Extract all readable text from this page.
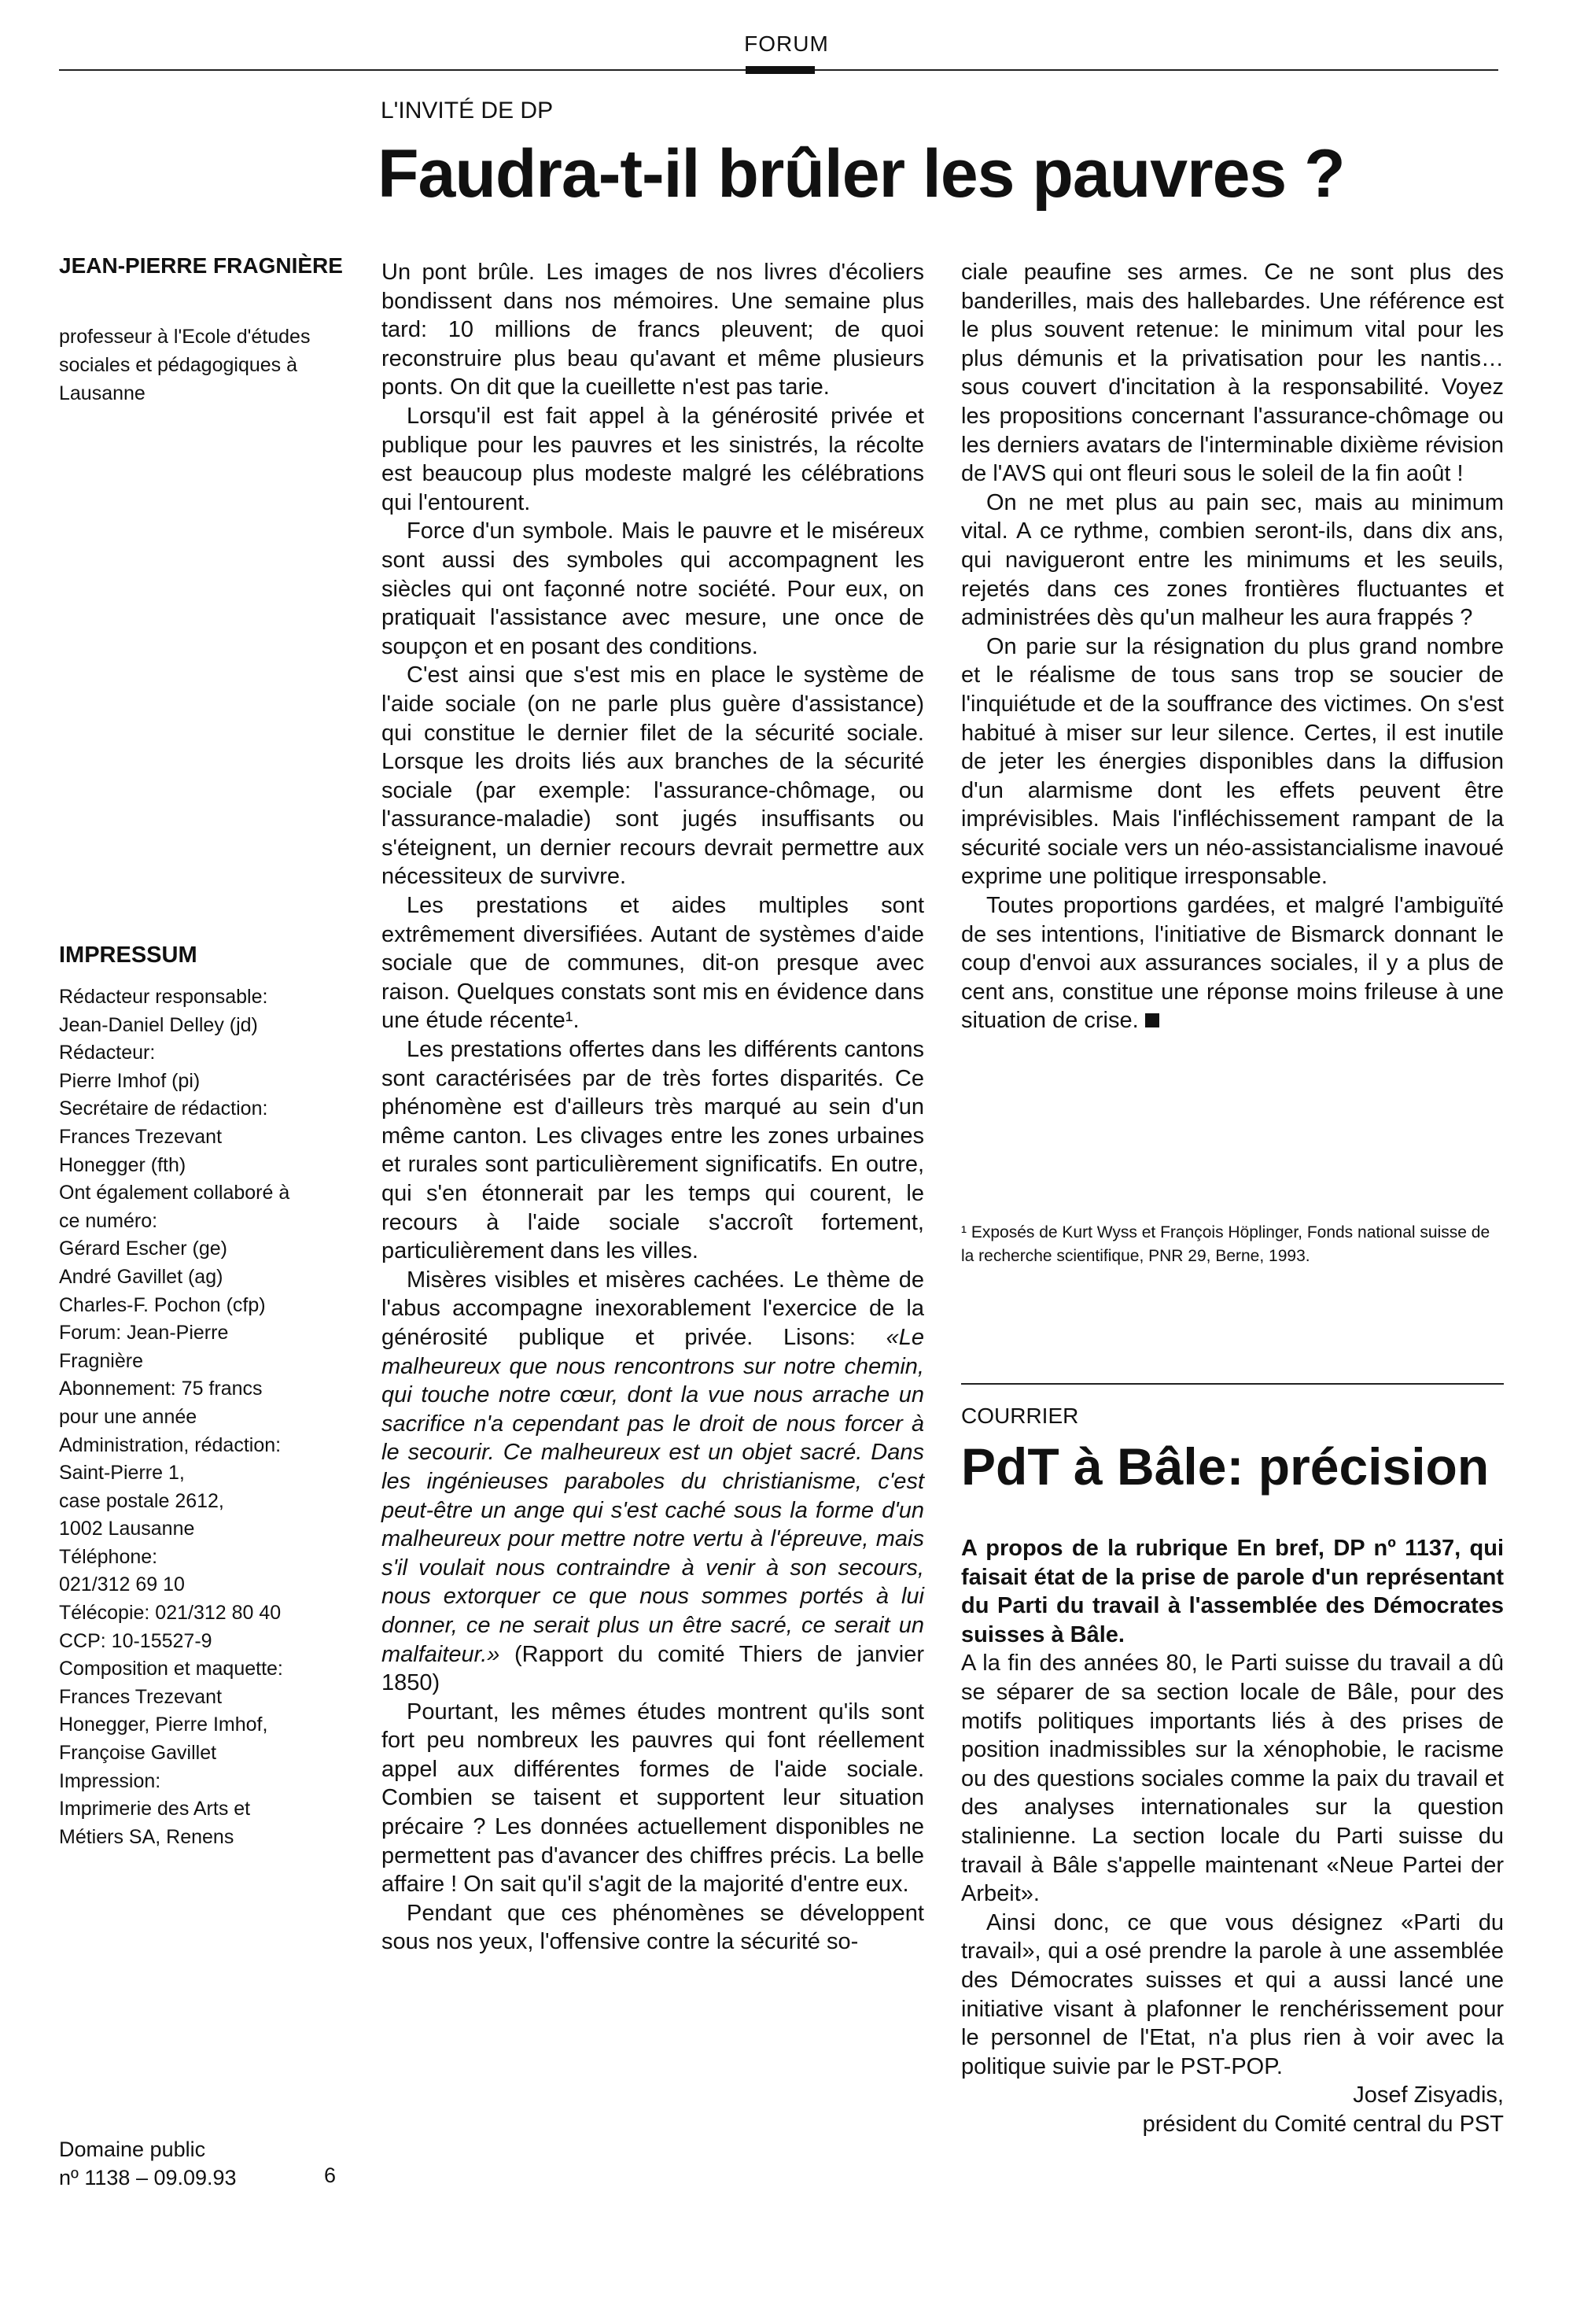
FORUM
L'INVITÉ DE DP
Faudra-t-il brûler les pauvres ?
JEAN-PIERRE FRAGNIÈRE
professeur à l'Ecole d'études sociales et pédagogiques à Lausanne
IMPRESSUM
Rédacteur responsable:
Jean-Daniel Delley (jd)
Rédacteur:
Pierre Imhof (pi)
Secrétaire de rédaction:
Frances Trezevant
Honegger (fth)
Ont également collaboré à
ce numéro:
Gérard Escher (ge)
André Gavillet (ag)
Charles-F. Pochon (cfp)
Forum: Jean-Pierre
Fragnière
Abonnement: 75 francs
pour une année
Administration, rédaction:
Saint-Pierre 1,
case postale 2612,
1002 Lausanne
Téléphone:
021/312 69 10
Télécopie: 021/312 80 40
CCP: 10-15527-9
Composition et maquette:
Frances Trezevant
Honegger, Pierre Imhof,
Françoise Gavillet
Impression:
Imprimerie des Arts et
Métiers SA, Renens
Domaine public
nº 1138 – 09.09.93	6

Un pont brûle. Les images de nos livres d'écoliers bondissent dans nos mémoires. Une semaine plus tard: 10 millions de francs pleuvent; de quoi reconstruire plus beau qu'avant et même plusieurs ponts. On dit que la cueillette n'est pas tarie.

Lorsqu'il est fait appel à la générosité privée et publique pour les pauvres et les sinistrés, la récolte est beaucoup plus modeste malgré les célébrations qui l'entourent.

Force d'un symbole. Mais le pauvre et le miséreux sont aussi des symboles qui accompagnent les siècles qui ont façonné notre société. Pour eux, on pratiquait l'assistance avec mesure, une once de soupçon et en posant des conditions.

C'est ainsi que s'est mis en place le système de l'aide sociale (on ne parle plus guère d'assistance) qui constitue le dernier filet de la sécurité sociale. Lorsque les droits liés aux branches de la sécurité sociale (par exemple: l'assurance-chômage, ou l'assurance-maladie) sont jugés insuffisants ou s'éteignent, un dernier recours devrait permettre aux nécessiteux de survivre.

Les prestations et aides multiples sont extrêmement diversifiées. Autant de systèmes d'aide sociale que de communes, dit-on presque avec raison. Quelques constats sont mis en évidence dans une étude récente¹.

Les prestations offertes dans les différents cantons sont caractérisées par de très fortes disparités. Ce phénomène est d'ailleurs très marqué au sein d'un même canton. Les clivages entre les zones urbaines et rurales sont particulièrement significatifs. En outre, qui s'en étonnerait par les temps qui courent, le recours à l'aide sociale s'accroît fortement, particulièrement dans les villes.

Misères visibles et misères cachées. Le thème de l'abus accompagne inexorablement l'exercice de la générosité publique et privée. Lisons: «Le malheureux que nous rencontrons sur notre chemin, qui touche notre cœur, dont la vue nous arrache un sacrifice n'a cependant pas le droit de nous forcer à le secourir. Ce malheureux est un objet sacré. Dans les ingénieuses paraboles du christianisme, c'est peut-être un ange qui s'est caché sous la forme d'un malheureux pour mettre notre vertu à l'épreuve, mais s'il voulait nous contraindre à venir à son secours, nous extorquer ce que nous sommes portés à lui donner, ce ne serait plus un être sacré, ce serait un malfaiteur.» (Rapport du comité Thiers de janvier 1850)

Pourtant, les mêmes études montrent qu'ils sont fort peu nombreux les pauvres qui font réellement appel aux différentes formes de l'aide sociale. Combien se taisent et supportent leur situation précaire ? Les données actuellement disponibles ne permettent pas d'avancer des chiffres précis. La belle affaire ! On sait qu'il s'agit de la majorité d'entre eux.

Pendant que ces phénomènes se développent sous nos yeux, l'offensive contre la sécurité so-

ciale peaufine ses armes. Ce ne sont plus des banderilles, mais des hallebardes. Une référence est le plus souvent retenue: le minimum vital pour les plus démunis et la privatisation pour les nantis… sous couvert d'incitation à la responsabilité. Voyez les propositions concernant l'assurance-chômage ou les derniers avatars de l'interminable dixième révision de l'AVS qui ont fleuri sous le soleil de la fin août !

On ne met plus au pain sec, mais au minimum vital. A ce rythme, combien seront-ils, dans dix ans, qui navigueront entre les minimums et les seuils, rejetés dans ces zones frontières fluctuantes et administrées dès qu'un malheur les aura frappés ?

On parie sur la résignation du plus grand nombre et le réalisme de tous sans trop se soucier de l'inquiétude et de la souffrance des victimes. On s'est habitué à miser sur leur silence. Certes, il est inutile de jeter les énergies disponibles dans la diffusion d'un alarmisme dont les effets peuvent être imprévisibles. Mais l'infléchissement rampant de la sécurité sociale vers un néo-assistancialisme inavoué exprime une politique irresponsable.

Toutes proportions gardées, et malgré l'ambiguïté de ses intentions, l'initiative de Bismarck donnant le coup d'envoi aux assurances sociales, il y a plus de cent ans, constitue une réponse moins frileuse à une situation de crise.

¹ Exposés de Kurt Wyss et François Höplinger, Fonds national suisse de la recherche scientifique, PNR 29, Berne, 1993.
COURRIER
PdT à Bâle: précision

A propos de la rubrique En bref, DP nº 1137, qui faisait état de la prise de parole d'un représentant du Parti du travail à l'assemblée des Démocrates suisses à Bâle.

A la fin des années 80, le Parti suisse du travail a dû se séparer de sa section locale de Bâle, pour des motifs politiques importants liés à des prises de position inadmissibles sur la xénophobie, le racisme ou des questions sociales comme la paix du travail et des analyses internationales sur la question stalinienne. La section locale du Parti suisse du travail à Bâle s'appelle maintenant «Neue Partei der Arbeit».

Ainsi donc, ce que vous désignez «Parti du travail», qui a osé prendre la parole à une assemblée des Démocrates suisses et qui a aussi lancé une initiative visant à plafonner le renchérissement pour le personnel de l'Etat, n'a plus rien à voir avec la politique suivie par le PST-POP.

Josef Zisyadis,

président du Comité central du PST
